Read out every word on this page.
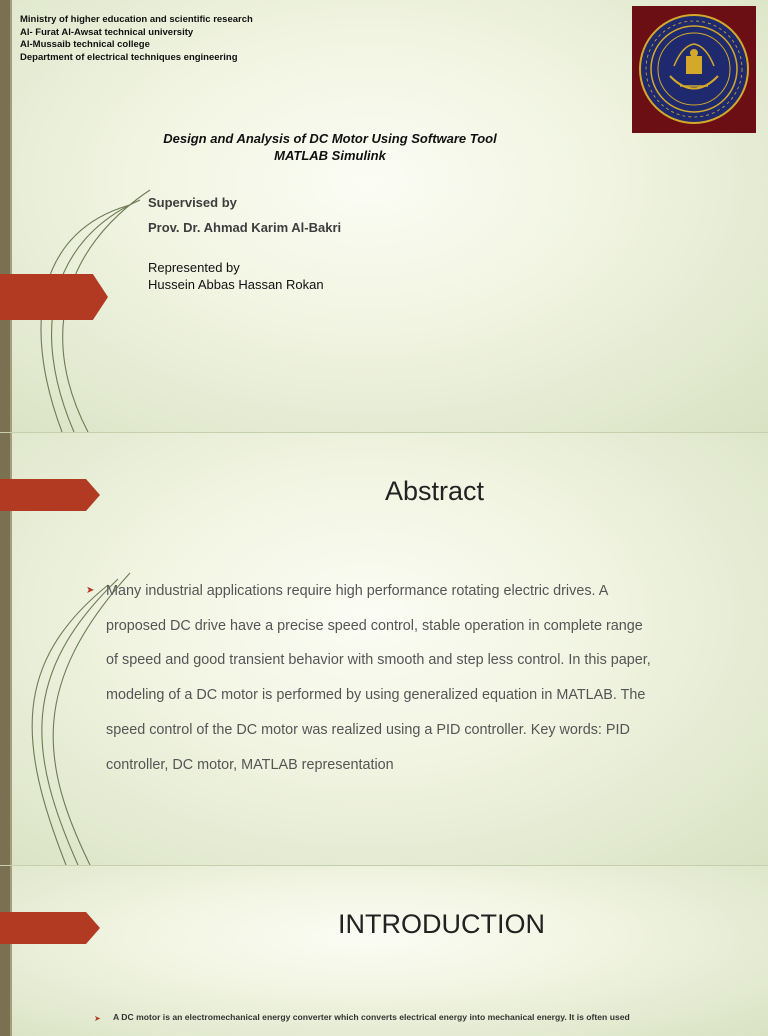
Ministry of higher education and scientific research
Al- Furat Al-Awsat technical university
Al-Mussaib technical college
Department of electrical techniques engineering
Design and Analysis of DC Motor Using Software Tool
MATLAB Simulink
Supervised by
Prov. Dr. Ahmad Karim Al-Bakri
Represented by
Hussein Abbas Hassan Rokan
Abstract
➤ Many industrial applications require high performance rotating electric drives. A
proposed DC drive have a precise speed control, stable operation in complete range
of speed and good transient behavior with smooth and step less control. In this paper,
modeling of a DC motor is performed by using generalized equation in MATLAB. The
speed control of the DC motor was realized using a PID controller. Key words: PID
controller, DC motor, MATLAB representation
INTRODUCTION
➤ A DC motor is an electromechanical energy converter which converts electrical energy into mechanical energy. It is often used
